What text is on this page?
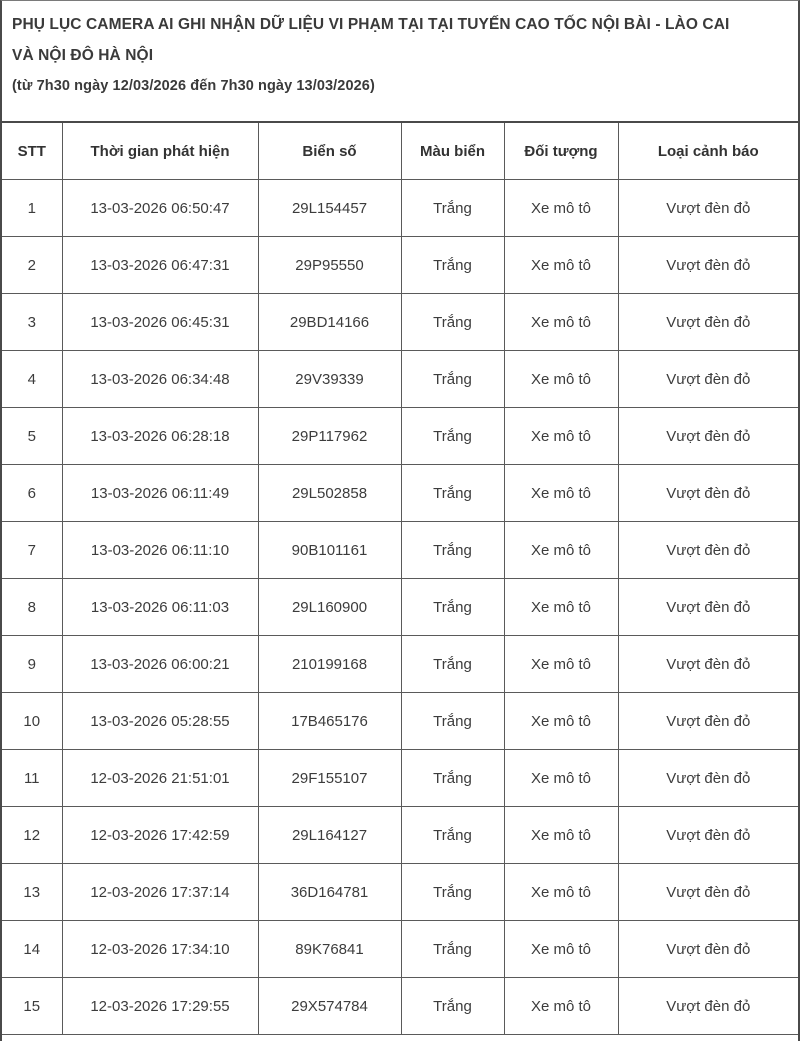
PHỤ LỤC CAMERA AI GHI NHẬN DỮ LIỆU VI PHẠM TẠI TẠI TUYẾN CAO TỐC NỘI BÀI - LÀO CAI
VÀ NỘI ĐÔ HÀ NỘI
(từ 7h30 ngày 12/03/2026 đến 7h30 ngày 13/03/2026)
STT	Thời gian phát hiện	Biển số	Màu biển	Đối tượng	Loại cảnh báo
1	13-03-2026 06:50:47	29L154457	Trắng	Xe mô tô	Vượt đèn đỏ
2	13-03-2026 06:47:31	29P95550	Trắng	Xe mô tô	Vượt đèn đỏ
3	13-03-2026 06:45:31	29BD14166	Trắng	Xe mô tô	Vượt đèn đỏ
4	13-03-2026 06:34:48	29V39339	Trắng	Xe mô tô	Vượt đèn đỏ
5	13-03-2026 06:28:18	29P117962	Trắng	Xe mô tô	Vượt đèn đỏ
6	13-03-2026 06:11:49	29L502858	Trắng	Xe mô tô	Vượt đèn đỏ
7	13-03-2026 06:11:10	90B101161	Trắng	Xe mô tô	Vượt đèn đỏ
8	13-03-2026 06:11:03	29L160900	Trắng	Xe mô tô	Vượt đèn đỏ
9	13-03-2026 06:00:21	210199168	Trắng	Xe mô tô	Vượt đèn đỏ
10	13-03-2026 05:28:55	17B465176	Trắng	Xe mô tô	Vượt đèn đỏ
11	12-03-2026 21:51:01	29F155107	Trắng	Xe mô tô	Vượt đèn đỏ
12	12-03-2026 17:42:59	29L164127	Trắng	Xe mô tô	Vượt đèn đỏ
13	12-03-2026 17:37:14	36D164781	Trắng	Xe mô tô	Vượt đèn đỏ
14	12-03-2026 17:34:10	89K76841	Trắng	Xe mô tô	Vượt đèn đỏ
15	12-03-2026 17:29:55	29X574784	Trắng	Xe mô tô	Vượt đèn đỏ
